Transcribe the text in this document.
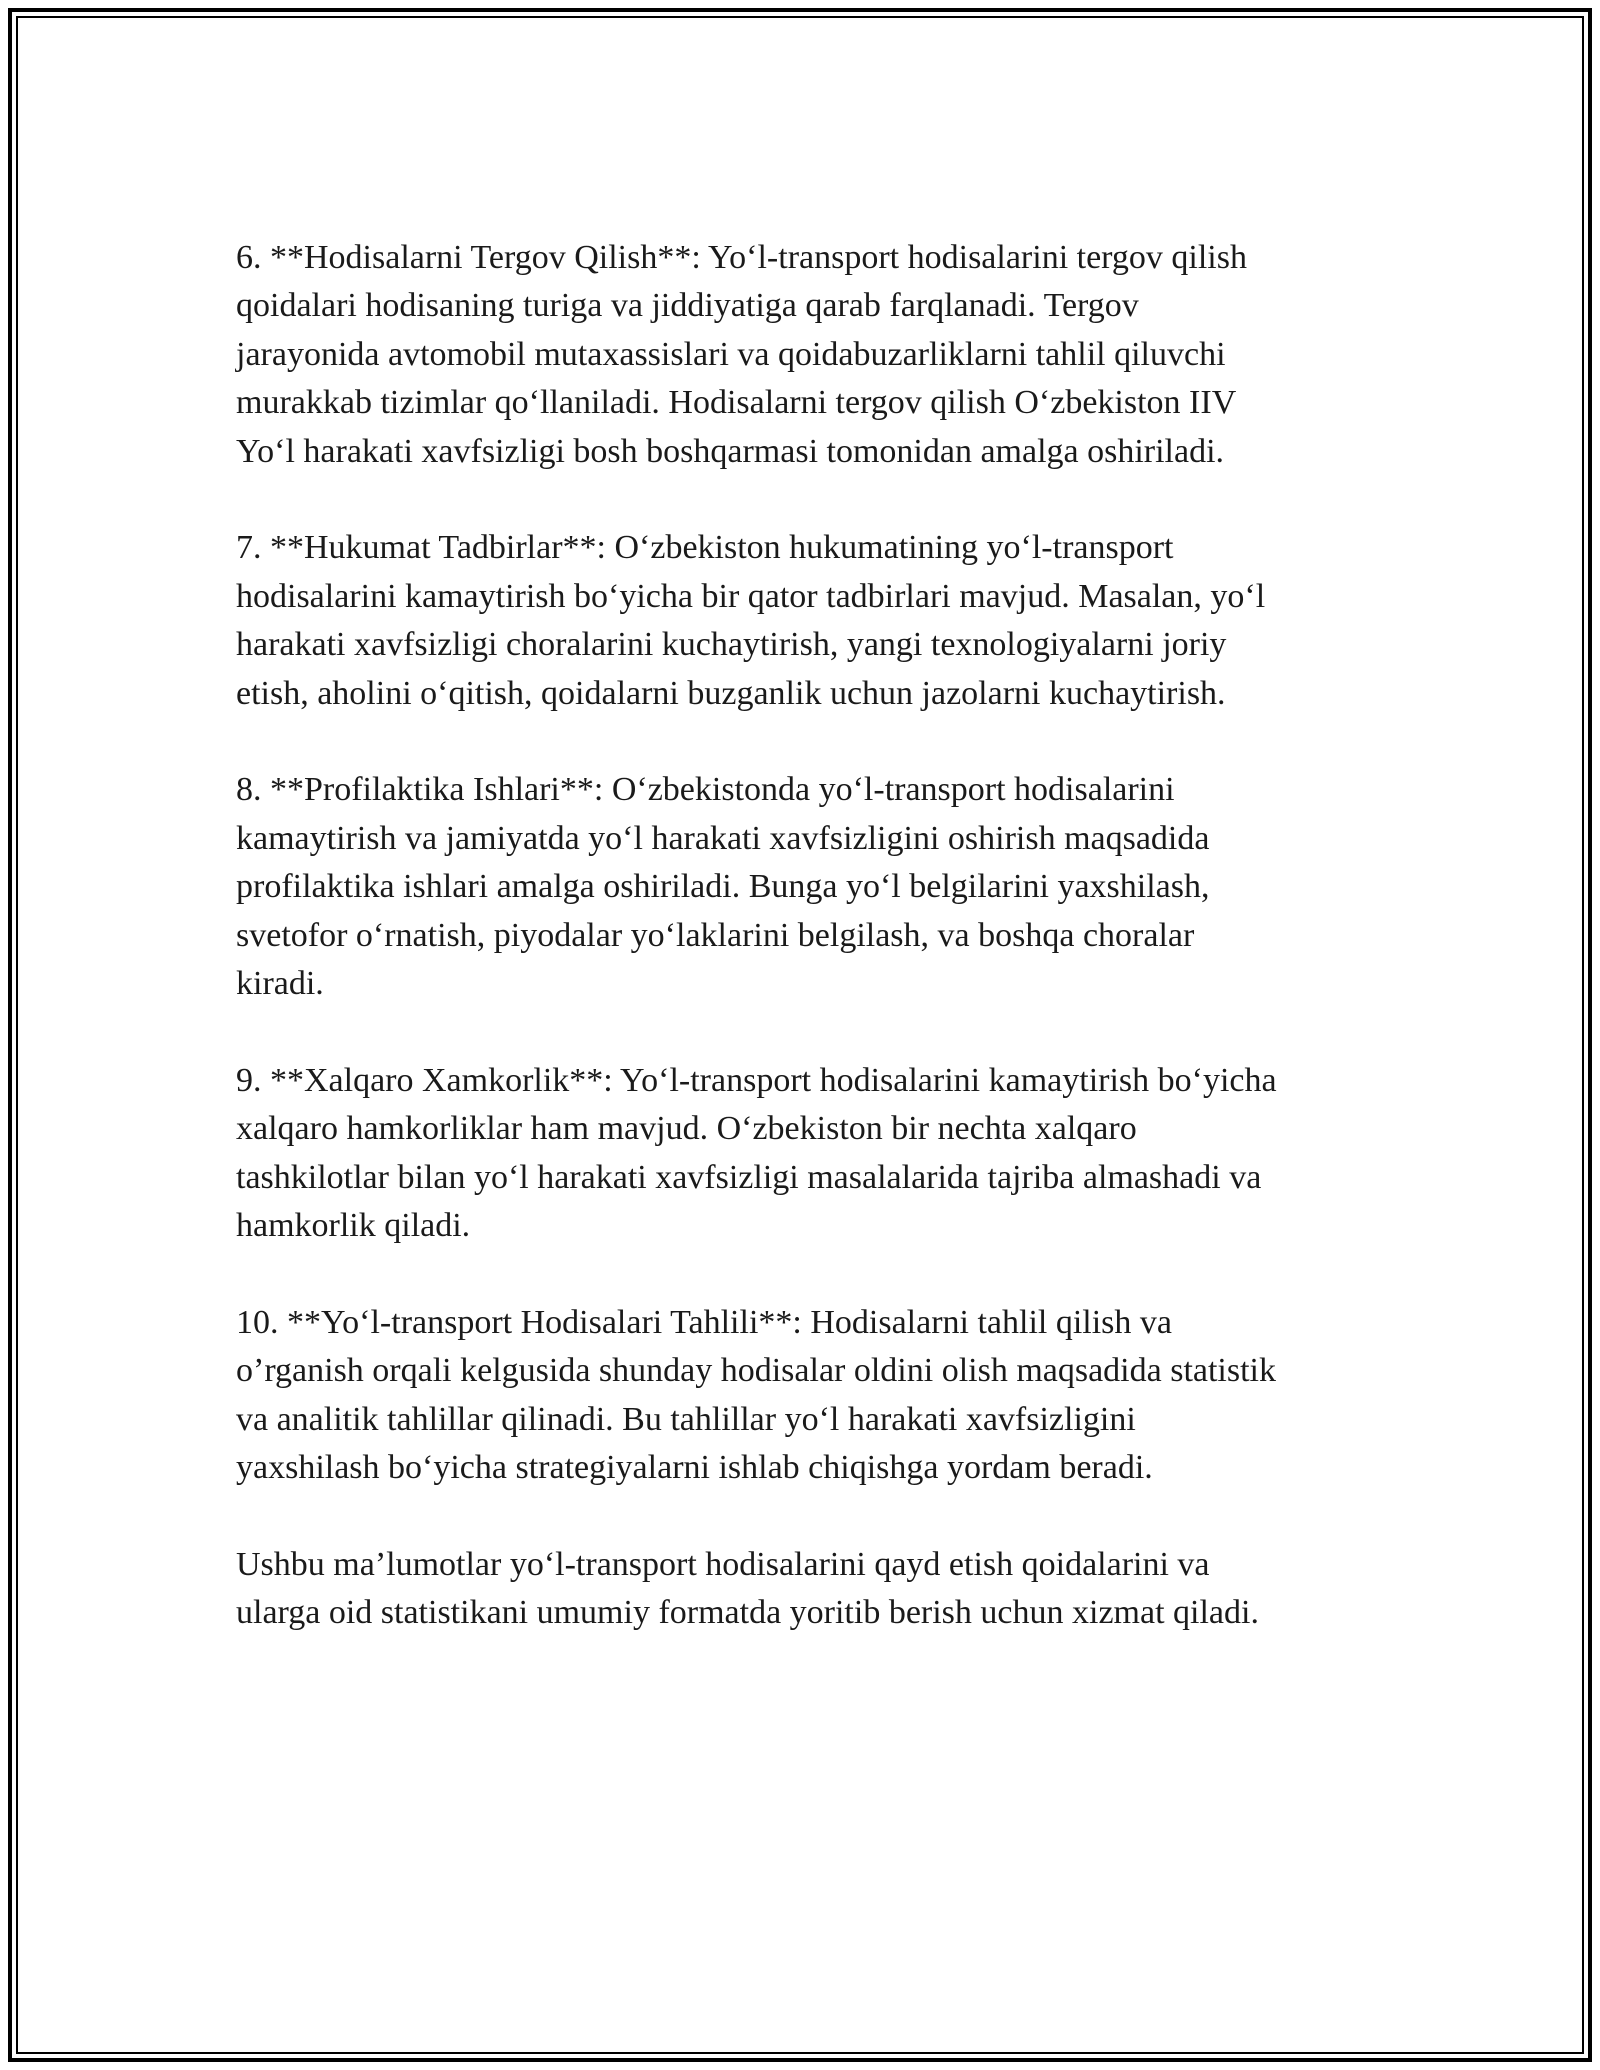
6. **Hodisalarni Tergov Qilish**: Yo‘l-transport hodisalarini tergov qilish
qoidalari hodisaning turiga va jiddiyatiga qarab farqlanadi. Tergov
jarayonida avtomobil mutaxassislari va qoidabuzarliklarni tahlil qiluvchi
murakkab tizimlar qo‘llaniladi. Hodisalarni tergov qilish O‘zbekiston IIV
Yo‘l harakati xavfsizligi bosh boshqarmasi tomonidan amalga oshiriladi.

7. **Hukumat Tadbirlar**: O‘zbekiston hukumatining yo‘l-transport
hodisalarini kamaytirish bo‘yicha bir qator tadbirlari mavjud. Masalan, yo‘l
harakati xavfsizligi choralarini kuchaytirish, yangi texnologiyalarni joriy
etish, aholini o‘qitish, qoidalarni buzganlik uchun jazolarni kuchaytirish.

8. **Profilaktika Ishlari**: O‘zbekistonda yo‘l-transport hodisalarini
kamaytirish va jamiyatda yo‘l harakati xavfsizligini oshirish maqsadida
profilaktika ishlari amalga oshiriladi. Bunga yo‘l belgilarini yaxshilash,
svetofor o‘rnatish, piyodalar yo‘laklarini belgilash, va boshqa choralar
kiradi.

9. **Xalqaro Xamkorlik**: Yo‘l-transport hodisalarini kamaytirish bo‘yicha
xalqaro hamkorliklar ham mavjud. O‘zbekiston bir nechta xalqaro
tashkilotlar bilan yo‘l harakati xavfsizligi masalalarida tajriba almashadi va
hamkorlik qiladi.

10. **Yo‘l-transport Hodisalari Tahlili**: Hodisalarni tahlil qilish va
o’rganish orqali kelgusida shunday hodisalar oldini olish maqsadida statistik
va analitik tahlillar qilinadi. Bu tahlillar yo‘l harakati xavfsizligini
yaxshilash bo‘yicha strategiyalarni ishlab chiqishga yordam beradi.

Ushbu ma’lumotlar yo‘l-transport hodisalarini qayd etish qoidalarini va
ularga oid statistikani umumiy formatda yoritib berish uchun xizmat qiladi.
